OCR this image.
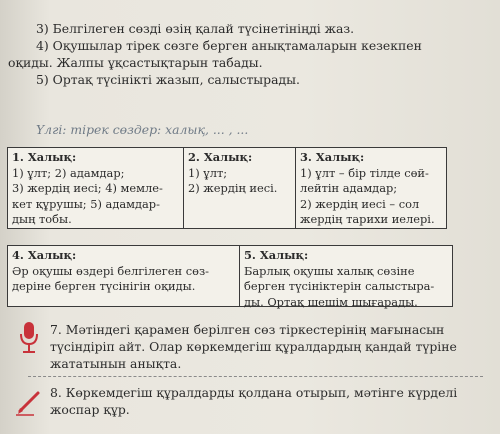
3) Белгілеген сөзді өзің қалай түсінетініңді жаз.
4) Оқушылар тірек сөзге берген анықтамаларын кезекпен
оқиды. Жалпы ұқсастықтарын табады.
5) Ортақ түсінікті жазып, салыстырады.
Үлгі: тірек сөздер: халық, ... , ...
1. Халық:
1) ұлт; 2) адамдар;
3) жердің иесі; 4) мемле-
кет құрушы; 5) адамдар-
дың тобы.
2. Халық:
1) ұлт;
2) жердің иесі.
3. Халық:
1) ұлт – бір тілде сөй-
лейтін адамдар;
2) жердің иесі – сол
жердің тарихи иелері.
4. Халық:
Әр оқушы өздері белгілеген сөз-
деріне берген түсінігін оқиды.
5. Халық:
Барлық оқушы халық сөзіне
берген түсініктерін салыстыра-
ды. Ортақ шешім шығарады.
7. Мәтіндегі қарамен берілген сөз тіркестерінің мағынасын
түсіндіріп айт. Олар көркемдегіш құралдардың қандай түріне
жататынын анықта.
8. Көркемдегіш құралдарды қолдана отырып, мәтінге күрделі
жоспар құр.
